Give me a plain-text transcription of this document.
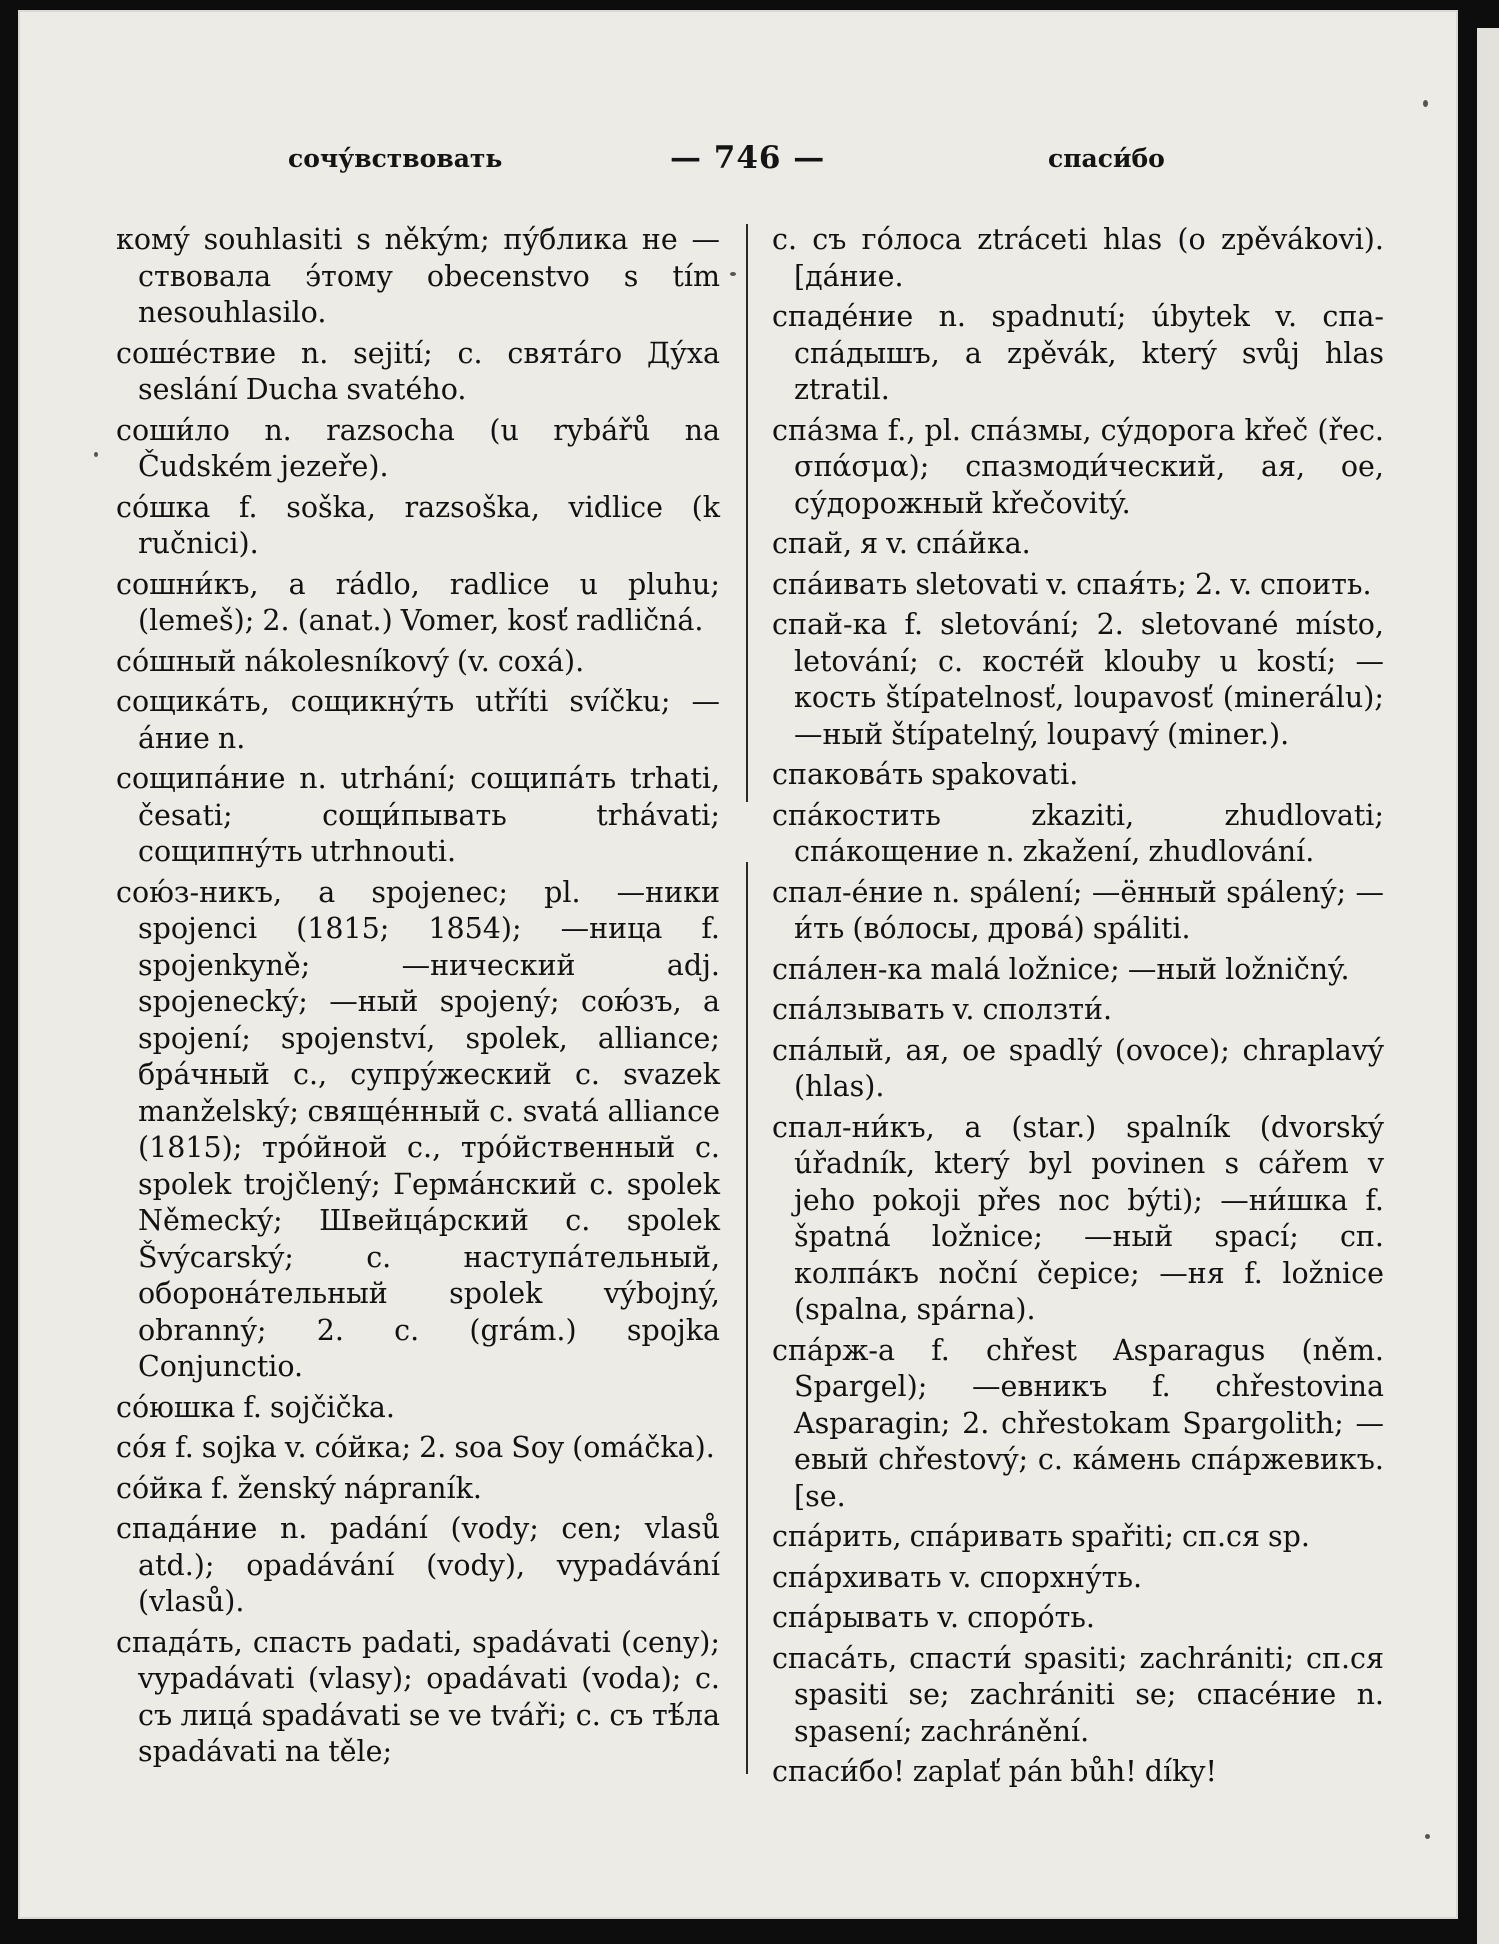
сочу́вствовать	— 746 —	спаси́бо

кому́ souhlasiti s někým; пу́блика не —ствовала э́тому obecenstvo s tím nesouhlasilo.

соше́ствие n. sejití; c. свята́го Ду́ха seslání Ducha svatého.

соши́ло n. razsocha (u rybářů na Čudském jezeře).

со́шка f. soška, razsoška, vidlice (k ručnici).

сошни́къ, a rádlo, radlice u pluhu; (lemeš); 2. (anat.) Vomer, kosť radličná.

со́шный nákolesníkový (v. coxá).

сощика́ть, сощикну́ть utříti svíčku; —áние n.

сощипа́ние n. utrhání; сощипа́ть trhati, česati; сощи́пывать trhávati; сощипну́ть utrhnouti.

сою́з-никъ, a spojenec; pl. —ники spojenci (1815; 1854); —ница f. spojenkyně; —нический adj. spojenecký; —ный spojený; сою́зъ, a spojení; spojenství, spolek, alliance; бра́чный c., супру́жеский c. svazek manželský; свяще́нный c. svatá alliance (1815); тро́йной c., тро́йственный c. spolek trojčlený; Герма́нский c. spolek Německý; Швейца́рский c. spolek Švýcarský; c. наступа́тельный, оборона́тельный spolek výbojný, obranný; 2. c. (grám.) spojka Conjunctio.

со́юшка f. sojčička.

со́я f. sojka v. со́йка; 2. soa Soy (omáčka).

со́йка f. ženský nápraník.

спада́ние n. padání (vody; cen; vlasů atd.); opadávání (vody), vypadávání (vlasů).

спада́ть, спасть padati, spadávati (ceny); vypadávati (vlasy); opadávati (voda); c. съ лица́ spadávati se ve tváři; c. съ тѣ́ла spadávati na těle;

c. съ го́лоса ztráceti hlas (o zpěvákovi). [да́ние.

спаде́ние n. spadnutí; úbytek v. спа-спа́дышъ, a zpěvák, který svůj hlas ztratil.

спа́зма f., pl. спа́змы, су́дорога křeč (řec. σπάσμα); спазмоди́ческий, ая, ое, су́дорожный křečovitý.

спай, я v. спа́йка.

спа́ивать sletovati v. спая́ть; 2. v. споить.

спай-ка f. sletování; 2. sletované místo, letování; c. косте́й klouby u kostí; —кость štípatelnosť, loupavosť (minerálu); —ный štípatelný, loupavý (miner.).

спакова́ть spakovati.

спа́костить zkaziti, zhudlovati; спа́кощение n. zkažení, zhudlování.

спал-е́ние n. spálení; —ённый spálený; —и́ть (во́лосы, дрова́) spáliti.

спа́лен-ка malá ložnice; —ный ložničný.

спа́лзывать v. сползти́.

спа́лый, ая, ое spadlý (ovoce); chraplavý (hlas).

спал-ни́къ, a (star.) spalník (dvorský úřadník, který byl povinen s cářem v jeho pokoji přes noc býti); —ни́шка f. špatná ložnice; —ный spací; сп. колпа́къ noční čepice; —ня f. ložnice (spalna, spárna).

спа́рж-а f. chřest Asparagus (něm. Spargel); —евникъ f. chřestovina Asparagin; 2. chřestokam Spargolith; —евый chřestový; c. ка́мень спа́ржевикъ. [se.

спа́рить, спа́ривать spařiti; сп.ся sp.

спа́рхивать v. спорхну́ть.

спа́рывать v. споро́ть.

спаса́ть, спасти́ spasiti; zachrániti; сп.ся spasiti se; zachrániti se; спасе́ние n. spasení; zachránění.

спаси́бо! zaplať pán bůh! díky!
